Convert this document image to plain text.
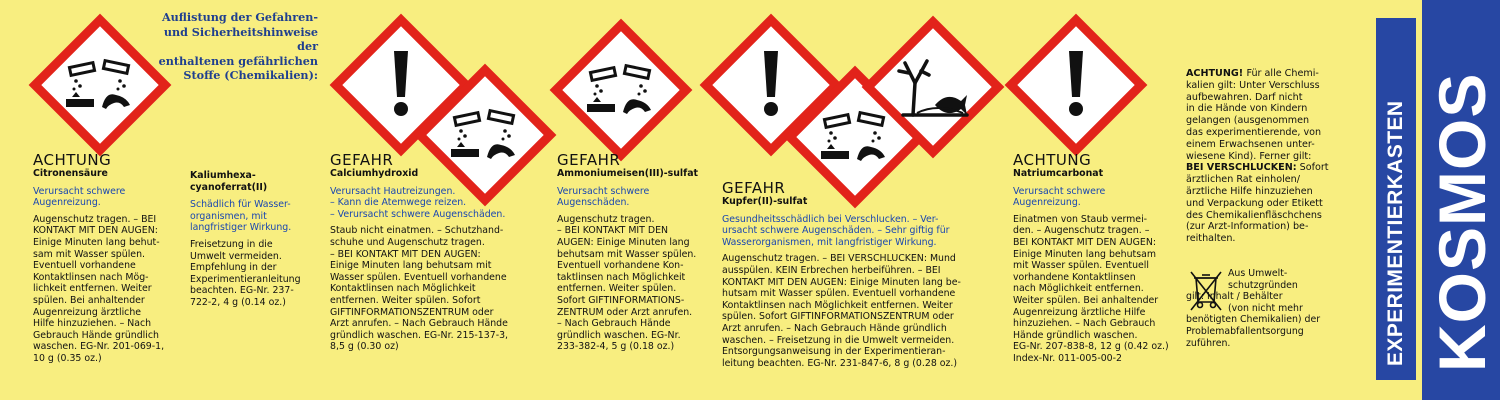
Auflistung der Gefahren-
und Sicherheitshinweise der
enthaltenen gefährlichen
Stoffe (Chemikalien):
ACHTUNG
Citronensäure
Verursacht schwere
Augenreizung.
Augenschutz tragen. – BEI
KONTAKT MIT DEN AUGEN:
Einige Minuten lang behut-
sam mit Wasser spülen.
Eventuell vorhandene
Kontaktlinsen nach Mög-
lichkeit entfernen. Weiter
spülen. Bei anhaltender
Augenreizung ärztliche
Hilfe hinzuziehen. – Nach
Gebrauch Hände gründlich
waschen. EG-Nr. 201-069-1,
10 g (0.35 oz.)
Kaliumhexa-
cyanoferrat(II)
Schädlich für Wasser-
organismen, mit
langfristiger Wirkung.
Freisetzung in die
Umwelt vermeiden.
Empfehlung in der
Experimentieranleitung
beachten. EG-Nr. 237-
722-2, 4 g (0.14 oz.)
GEFAHR
Calciumhydroxid
Verursacht Hautreizungen.
– Kann die Atemwege reizen.
– Verursacht schwere Augenschäden.
Staub nicht einatmen. – Schutzhand-
schuhe und Augenschutz tragen.
– BEI KONTAKT MIT DEN AUGEN:
Einige Minuten lang behutsam mit
Wasser spülen. Eventuell vorhandene
Kontaktlinsen nach Möglichkeit
entfernen. Weiter spülen. Sofort
GIFTINFORMATIONSZENTRUM oder
Arzt anrufen. – Nach Gebrauch Hände
gründlich waschen. EG-Nr. 215-137-3,
8,5 g (0.30 oz)
GEFAHR
Ammoniumeisen(III)-sulfat
Verursacht schwere
Augenschäden.
Augenschutz tragen.
– BEI KONTAKT MIT DEN
AUGEN: Einige Minuten lang
behutsam mit Wasser spülen.
Eventuell vorhandene Kon-
taktlinsen nach Möglichkeit
entfernen. Weiter spülen.
Sofort GIFTINFORMATIONS-
ZENTRUM oder Arzt anrufen.
– Nach Gebrauch Hände
gründlich waschen. EG-Nr.
233-382-4, 5 g (0.18 oz.)
GEFAHR
Kupfer(II)-sulfat
Gesundheitsschädlich bei Verschlucken. – Ver-
ursacht schwere Augenschäden. – Sehr giftig für
Wasserorganismen, mit langfristiger Wirkung.
Augenschutz tragen. – BEI VERSCHLUCKEN: Mund
ausspülen. KEIN Erbrechen herbeiführen. – BEI
KONTAKT MIT DEN AUGEN: Einige Minuten lang be-
hutsam mit Wasser spülen. Eventuell vorhandene
Kontaktlinsen nach Möglichkeit entfernen. Weiter
spülen. Sofort GIFTINFORMATIONSZENTRUM oder
Arzt anrufen. – Nach Gebrauch Hände gründlich
waschen. – Freisetzung in die Umwelt vermeiden.
Entsorgungsanweisung in der Experimentieran-
leitung beachten. EG-Nr. 231-847-6, 8 g (0.28 oz.)
ACHTUNG
Natriumcarbonat
Verursacht schwere
Augenreizung.
Einatmen von Staub vermei-
den. – Augenschutz tragen. –
BEI KONTAKT MIT DEN AUGEN:
Einige Minuten lang behutsam
mit Wasser spülen. Eventuell
vorhandene Kontaktlinsen
nach Möglichkeit entfernen.
Weiter spülen. Bei anhaltender
Augenreizung ärztliche Hilfe
hinzuziehen. – Nach Gebrauch
Hände gründlich waschen.
EG-Nr. 207-838-8, 12 g (0.42 oz.)
Index-Nr. 011-005-00-2
ACHTUNG! Für alle Chemi-
kalien gilt: Unter Verschluss
aufbewahren. Darf nicht
in die Hände von Kindern
gelangen (ausgenommen
das experimentierende, von
einem Erwachsenen unter-
wiesene Kind). Ferner gilt:
BEI VERSCHLUCKEN: Sofort
ärztlichen Rat einholen/
ärztliche Hilfe hinzuziehen
und Verpackung oder Etikett
des Chemikalienfläschchens
(zur Arzt-Information) be-
reithalten.
Aus Umwelt-
schutzgründen
gilt: Inhalt / Behälter
(von nicht mehr
benötigten Chemikalien) der
Problemabfallentsorgung
zuführen.	EXPERIMENTIERKASTEN KOSMOS
